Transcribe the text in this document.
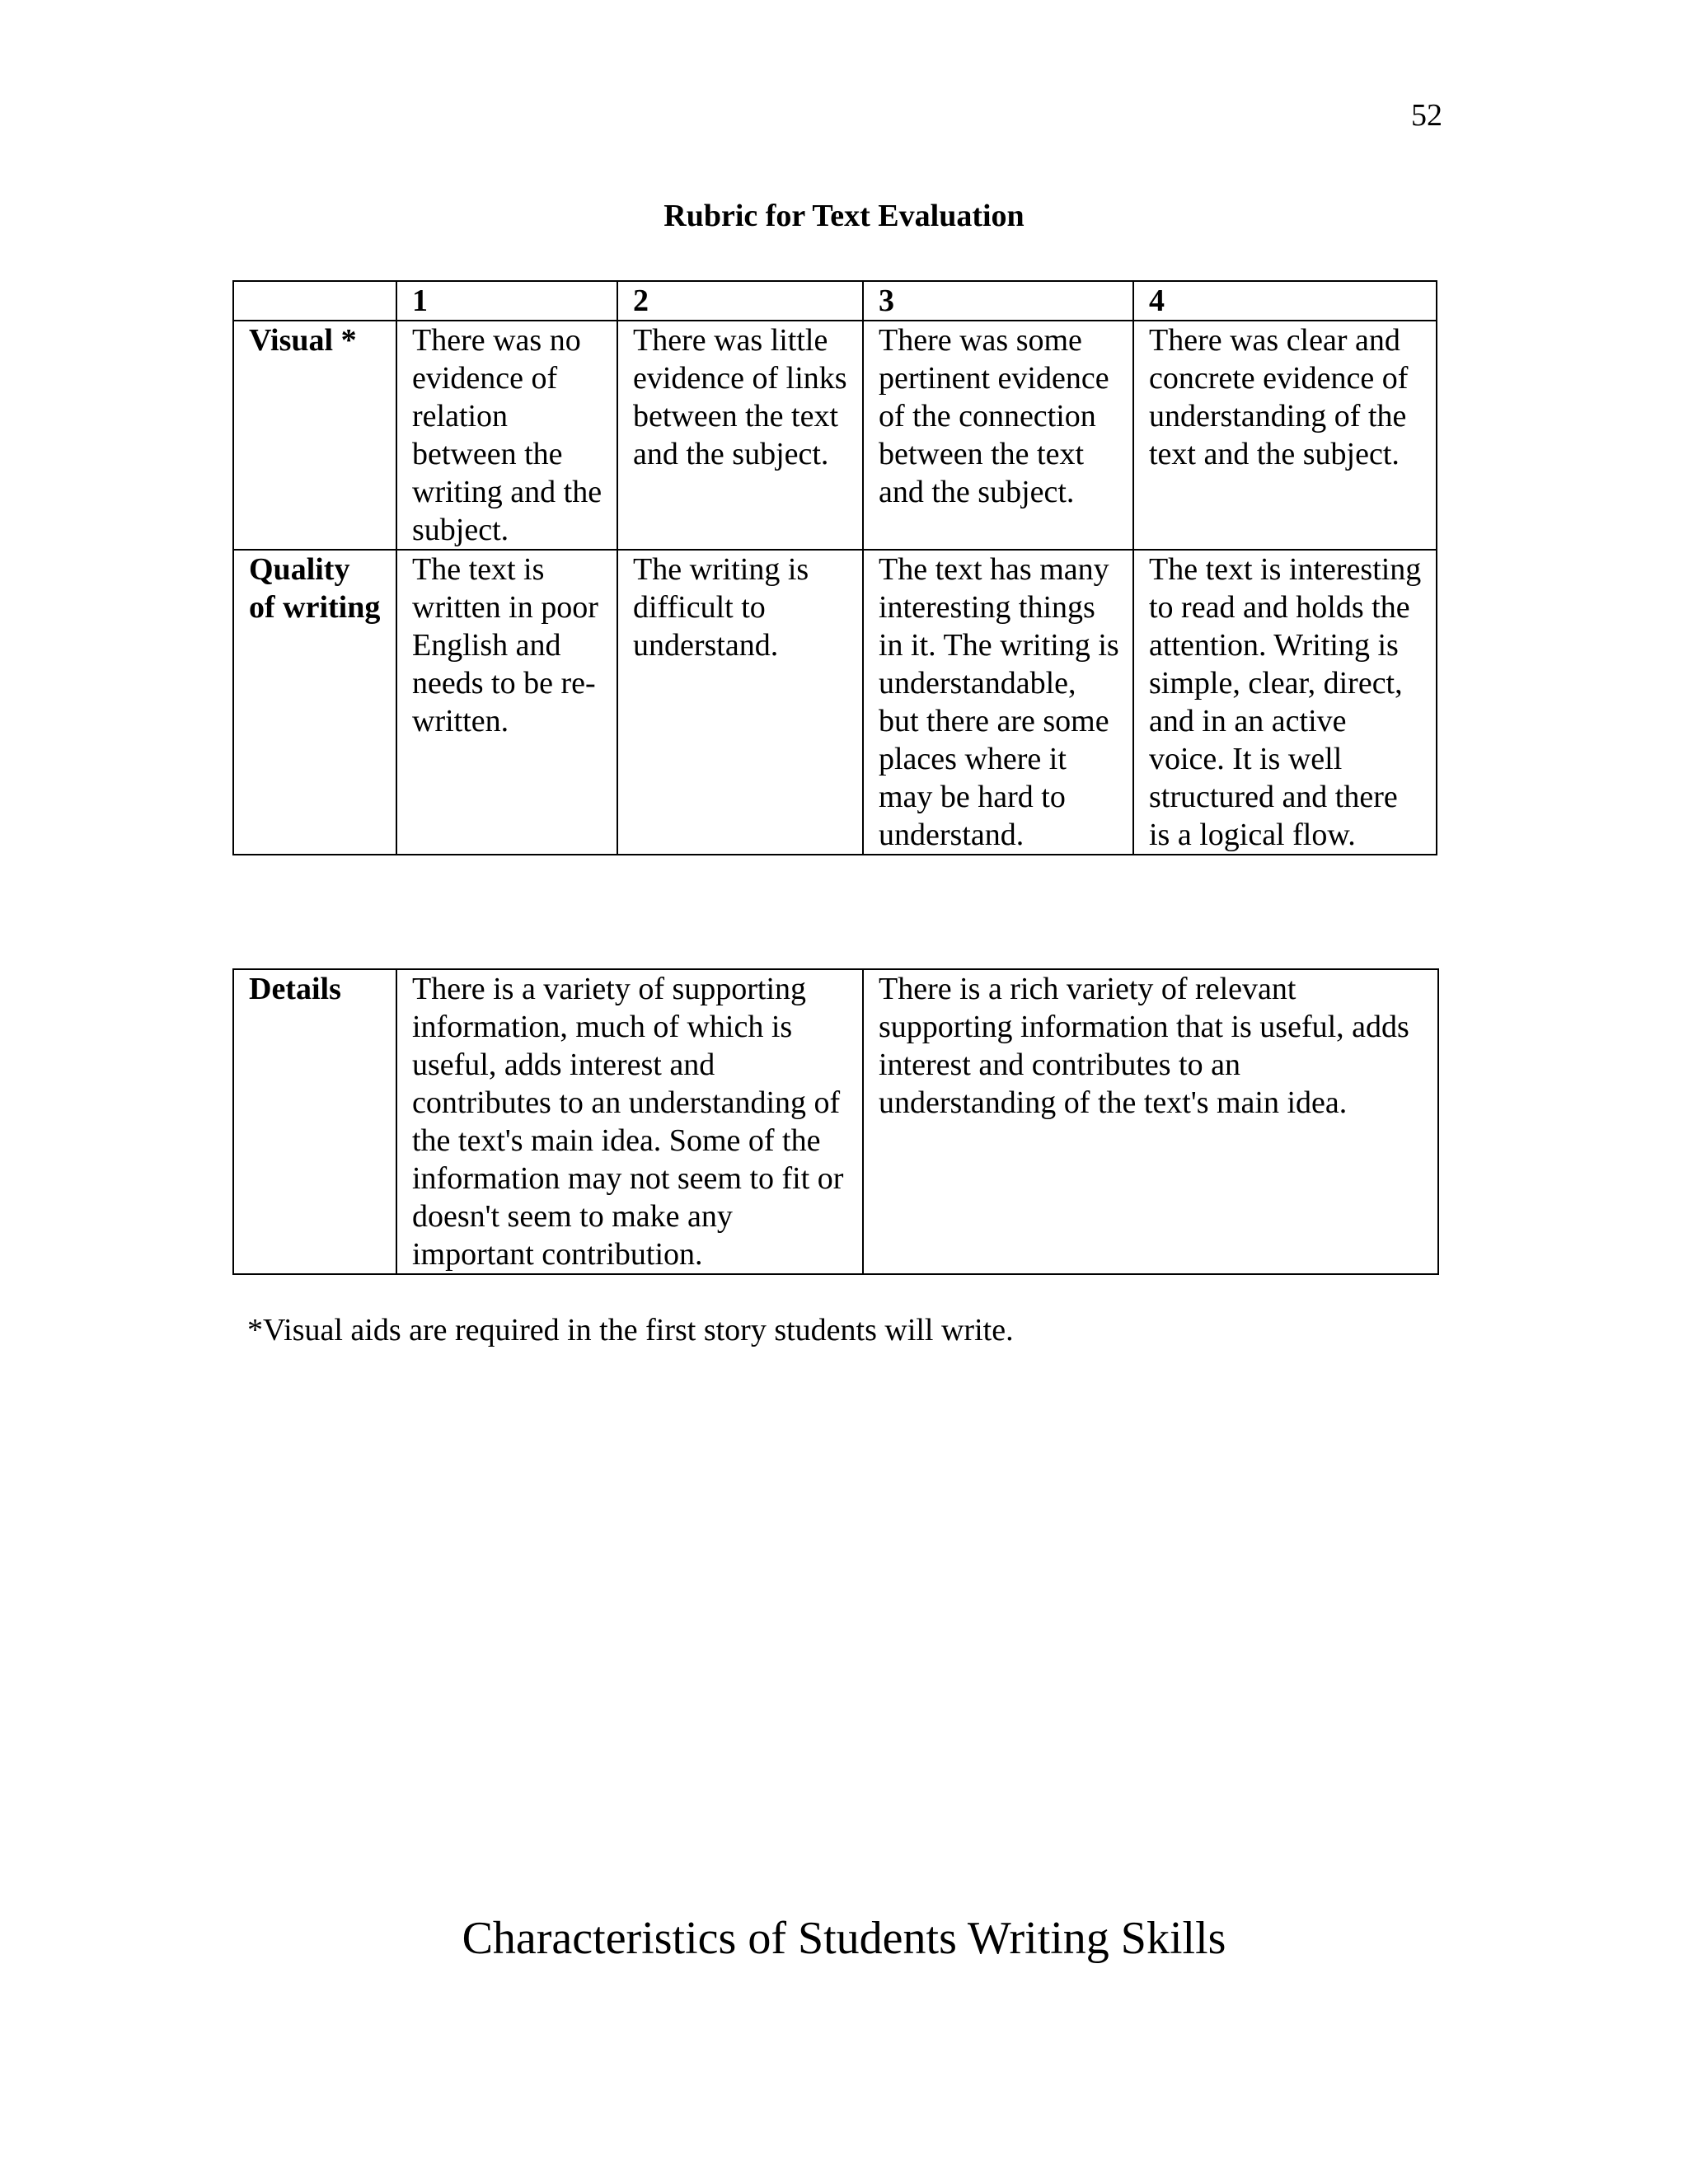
52
Rubric for Text Evaluation
	1	2	3	4
Visual *	There was no evidence of relation between the writing and the subject.	There was little evidence of links between the text and the subject.	There was some pertinent evidence of the connection between the text and the subject.	There was clear and concrete evidence of understanding of the text and the subject.
Quality of writing	The text is written in poor English and needs to be re-written.	The writing is difficult to understand.	The text has many interesting things in it. The writing is understandable, but there are some places where it may be hard to understand.	The text is interesting to read and holds the attention. Writing is simple, clear, direct, and in an active voice. It is well structured and there is a logical flow.
Details	There is a variety of supporting information, much of which is useful, adds interest and contributes to an understanding of the text's main idea. Some of the information may not seem to fit or doesn't seem to make any important contribution.	There is a rich variety of relevant supporting information that is useful, adds interest and contributes to an understanding of the text's main idea.
*Visual aids are required in the first story students will write.
Characteristics of Students Writing Skills
